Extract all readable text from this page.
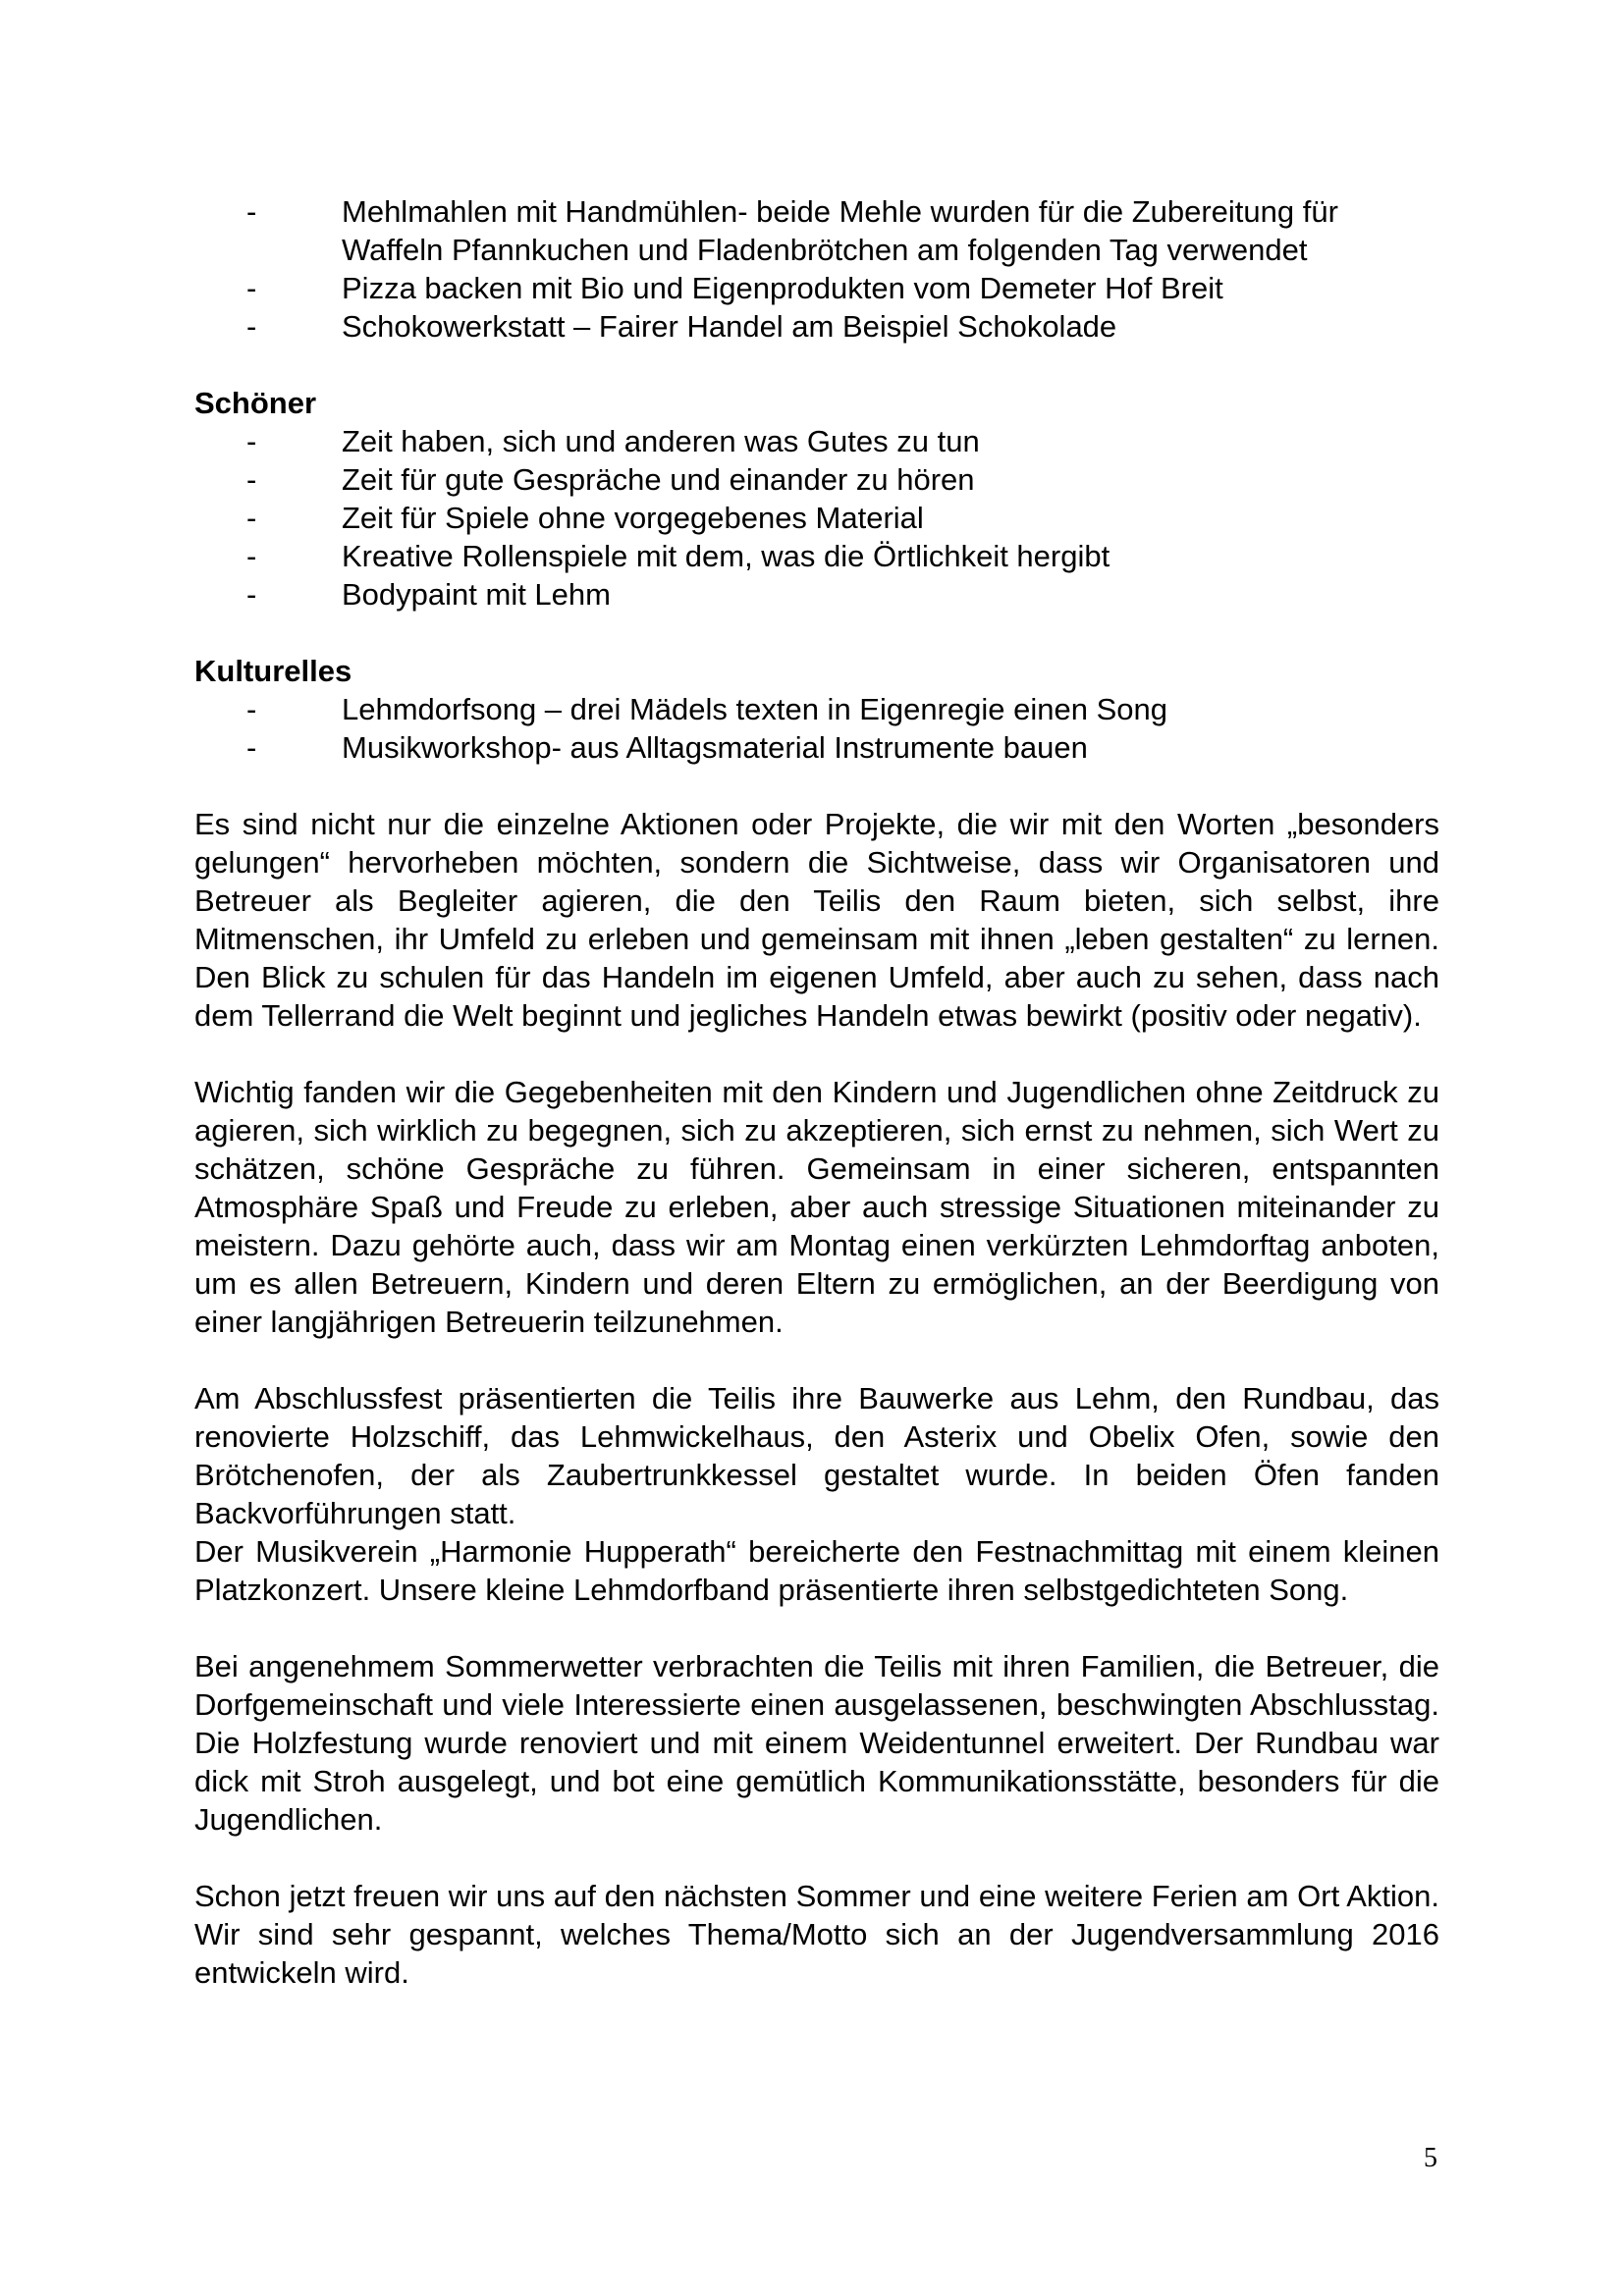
-	Mehlmahlen mit Handmühlen- beide Mehle wurden für die Zubereitung für Waffeln Pfannkuchen und Fladenbrötchen am folgenden Tag verwendet
-	Pizza backen mit Bio und Eigenprodukten vom Demeter Hof Breit
-	Schokowerkstatt – Fairer Handel am Beispiel Schokolade
Schöner
-	Zeit haben, sich und anderen was Gutes zu tun
-	Zeit für gute Gespräche und einander zu hören
-	Zeit für Spiele ohne vorgegebenes Material
-	Kreative Rollenspiele mit dem, was die Örtlichkeit hergibt
-	Bodypaint mit Lehm
Kulturelles
-	Lehmdorfsong – drei Mädels texten in Eigenregie einen Song
-	Musikworkshop- aus Alltagsmaterial Instrumente bauen

Es sind nicht nur die einzelne Aktionen oder Projekte, die wir mit den Worten „besonders gelungen“ hervorheben möchten, sondern die Sichtweise, dass wir Organisatoren und Betreuer als Begleiter agieren, die den Teilis den Raum bieten, sich selbst, ihre Mitmenschen, ihr Umfeld zu erleben und gemeinsam mit ihnen „leben gestalten“ zu lernen. Den Blick zu schulen für das Handeln im eigenen Umfeld, aber auch zu sehen, dass nach dem Tellerrand die Welt beginnt und jegliches Handeln etwas bewirkt (positiv oder negativ).

Wichtig fanden wir die Gegebenheiten mit den Kindern und Jugendlichen ohne Zeitdruck zu agieren, sich wirklich zu begegnen, sich zu akzeptieren, sich ernst zu nehmen, sich Wert zu schätzen, schöne Gespräche zu führen. Gemeinsam in einer sicheren, entspannten Atmosphäre Spaß und Freude zu erleben, aber auch stressige Situationen miteinander zu meistern. Dazu gehörte auch, dass wir am Montag einen verkürzten Lehmdorftag anboten, um es allen Betreuern, Kindern und deren Eltern zu ermöglichen, an der Beerdigung von einer langjährigen Betreuerin teilzunehmen.

Am Abschlussfest präsentierten die Teilis ihre Bauwerke aus Lehm, den Rundbau, das renovierte Holzschiff, das Lehmwickelhaus, den Asterix und Obelix Ofen, sowie den Brötchenofen, der als Zaubertrunkkessel gestaltet wurde. In beiden Öfen fanden Backvorführungen statt.

Der Musikverein „Harmonie Hupperath“ bereicherte den Festnachmittag mit einem kleinen Platzkonzert. Unsere kleine Lehmdorfband präsentierte ihren selbstgedichteten Song.

Bei angenehmem Sommerwetter verbrachten die Teilis mit ihren Familien, die Betreuer, die Dorfgemeinschaft und viele Interessierte einen ausgelassenen, beschwingten Abschlusstag. Die Holzfestung wurde renoviert und mit einem Weidentunnel erweitert. Der Rundbau war dick mit Stroh ausgelegt, und bot eine gemütlich Kommunikationsstätte, besonders für die Jugendlichen.

Schon jetzt freuen wir uns auf den nächsten Sommer und eine weitere Ferien am Ort Aktion. Wir sind sehr gespannt, welches Thema/Motto sich an der Jugendversammlung 2016 entwickeln wird.

5
